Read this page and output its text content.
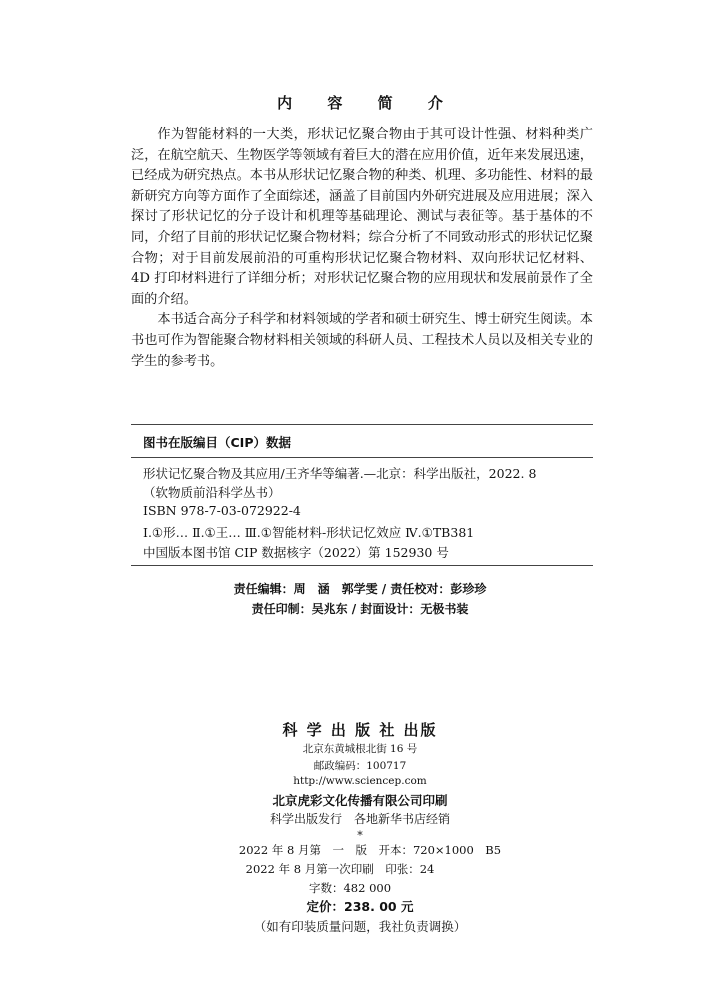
内 容 简 介

作为智能材料的一大类，形状记忆聚合物由于其可设计性强、材料种类广泛，在航空航天、生物医学等领域有着巨大的潜在应用价值，近年来发展迅速，已经成为研究热点。本书从形状记忆聚合物的种类、机理、多功能性、材料的最新研究方向等方面作了全面综述，涵盖了目前国内外研究进展及应用进展；深入探讨了形状记忆的分子设计和机理等基础理论、测试与表征等。基于基体的不同，介绍了目前的形状记忆聚合物材料；综合分析了不同致动形式的形状记忆聚合物；对于目前发展前沿的可重构形状记忆聚合物材料、双向形状记忆材料、4D 打印材料进行了详细分析；对形状记忆聚合物的应用现状和发展前景作了全面的介绍。

本书适合高分子科学和材料领域的学者和硕士研究生、博士研究生阅读。本书也可作为智能聚合物材料相关领域的科研人员、工程技术人员以及相关专业的学生的参考书。

图书在版编目（CIP）数据
形状记忆聚合物及其应用/王齐华等编著.—北京：科学出版社，2022. 8
（软物质前沿科学丛书）
ISBN 978-7-03-072922-4
Ⅰ.①形… Ⅱ.①王… Ⅲ.①智能材料-形状记忆效应 Ⅳ.①TB381
中国版本图书馆 CIP 数据核字（2022）第 152930 号
责任编辑：周　涵　郭学雯 / 责任校对：彭珍珍
责任印制：吴兆东 / 封面设计：无极书装
科 学 出 版 社 出版
北京东黄城根北街 16 号
邮政编码：100717
http://www.sciencep.com
北京虎彩文化传播有限公司印刷
科学出版发行　各地新华书店经销
*
2022 年 8 月第　一　版　开本：720×1000　B5
2022 年 8 月第一次印刷　印张：24
字数：482 000
定价：238. 00 元
（如有印装质量问题，我社负责调换）
